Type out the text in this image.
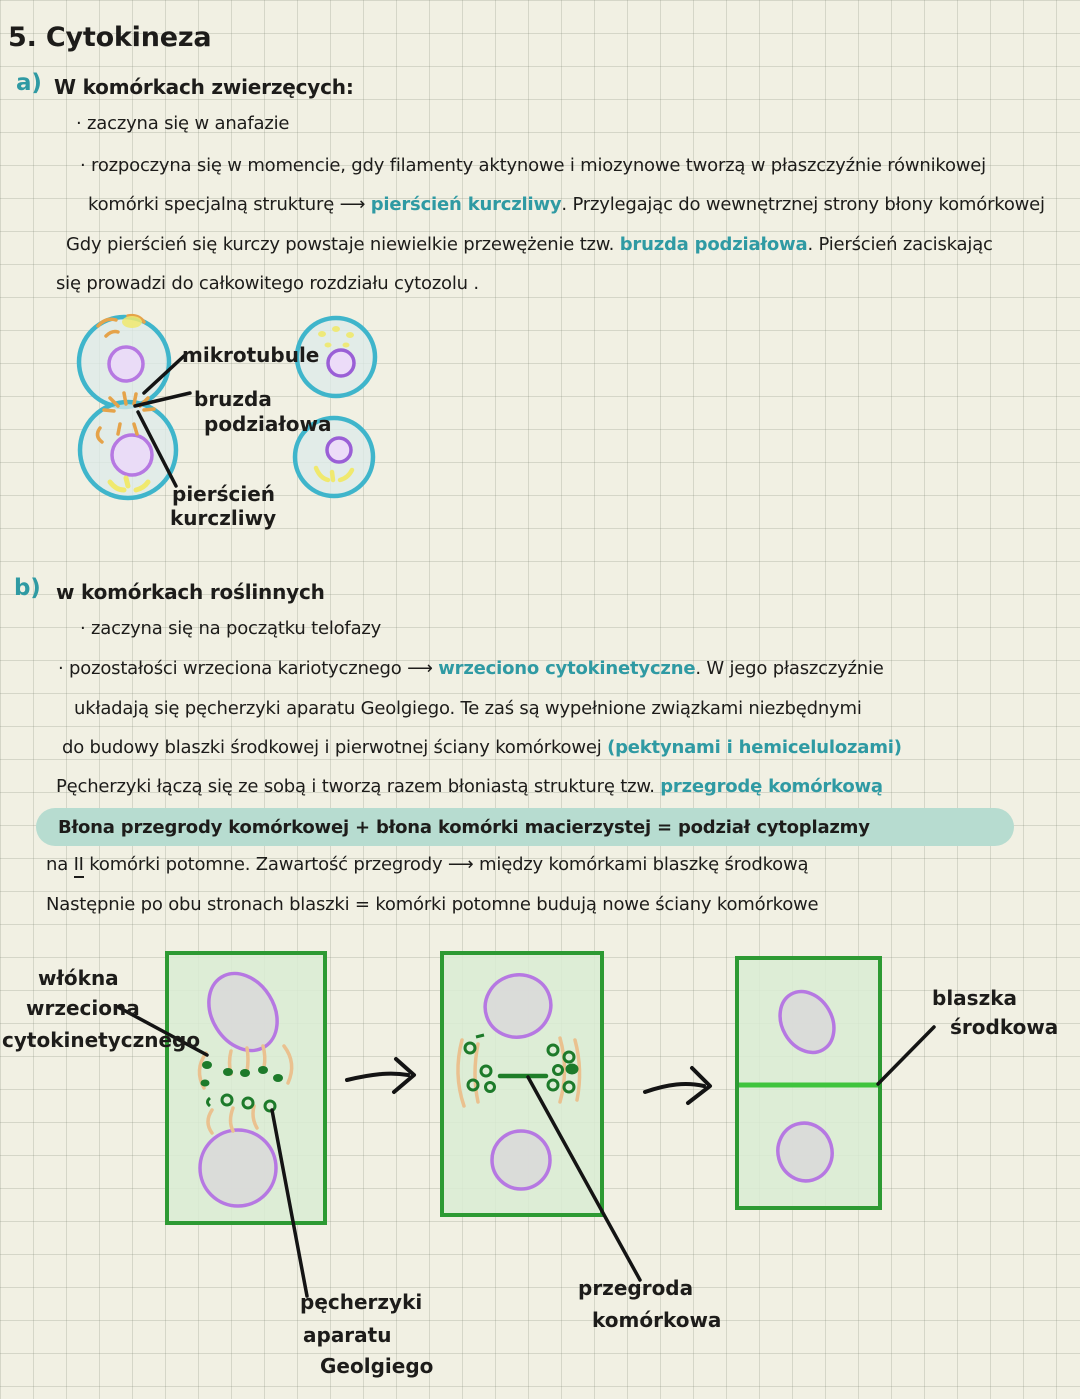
5. Cytokineza
a) W komórkach zwierzęcych:
· zaczyna się w anafazie
· rozpoczyna się w momencie, gdy filamenty aktynowe i miozynowe tworzą w płaszczyźnie równikowej
komórki specjalną strukturę ⟶ pierścień kurczliwy. Przylegając do wewnętrznej strony błony komórkowej
Gdy pierścień się kurczy powstaje niewielkie przewężenie tzw. bruzda podziałowa. Pierścień zaciskając
się prowadzi do całkowitego rozdziału cytozolu .
mikrotubule
bruzda
podziałowa
pierścień
kurczliwy
b) w komórkach roślinnych
· zaczyna się na początku telofazy
· pozostałości wrzeciona kariotycznego ⟶ wrzeciono cytokinetyczne. W jego płaszczyźnie
układają się pęcherzyki aparatu Geolgiego. Te zaś są wypełnione związkami niezbędnymi
do budowy blaszki środkowej i pierwotnej ściany komórkowej (pektynami i hemicelulozami)
Pęcherzyki łączą się ze sobą i tworzą razem błoniastą strukturę tzw. przegrodę komórkową
Błona przegrody komórkowej + błona komórki macierzystej = podział cytoplazmy
na II komórki potomne. Zawartość przegrody ⟶ między komórkami blaszkę środkową
Następnie po obu stronach blaszki = komórki potomne budują nowe ściany komórkowe
włókna
wrzeciona
cytokinetycznego
pęcherzyki
aparatu
Geolgiego
przegroda
komórkowa
blaszka
środkowa
